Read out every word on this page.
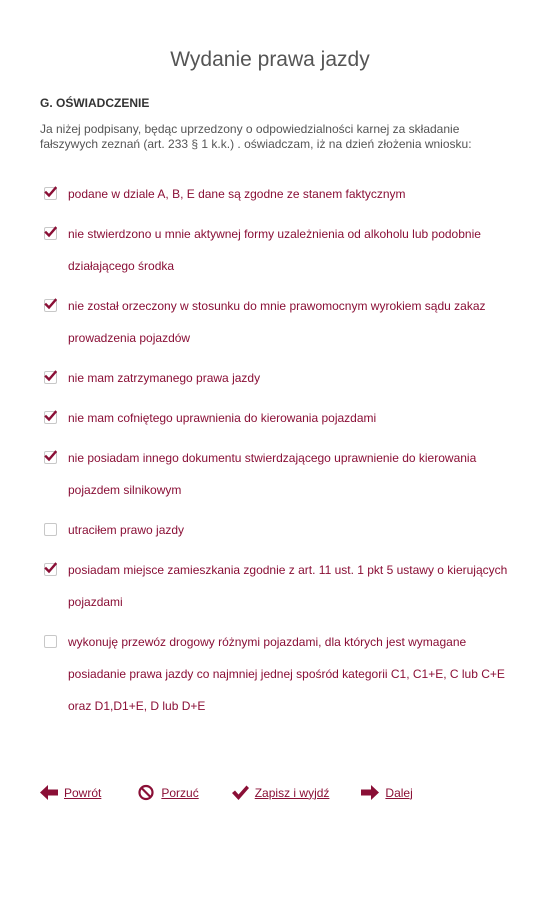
Wydanie prawa jazdy
G. OŚWIADCZENIE

Ja niżej podpisany, będąc uprzedzony o odpowiedzialności karnej za składanie fałszywych zeznań (art. 233 § 1 k.k.) . oświadczam, iż na dzień złożenia wniosku:

podane w dziale A, B, E dane są zgodne ze stanem faktycznym
nie stwierdzono u mnie aktywnej formy uzależnienia od alkoholu lub podobnie działającego środka
nie został orzeczony w stosunku do mnie prawomocnym wyrokiem sądu zakaz prowadzenia pojazdów
nie mam zatrzymanego prawa jazdy
nie mam cofniętego uprawnienia do kierowania pojazdami
nie posiadam innego dokumentu stwierdzającego uprawnienie do kierowania pojazdem silnikowym
utraciłem prawo jazdy
posiadam miejsce zamieszkania zgodnie z art. 11 ust. 1 pkt 5 ustawy o kierujących pojazdami
wykonuję przewóz drogowy różnymi pojazdami, dla których jest wymagane posiadanie prawa jazdy co najmniej jednej spośród kategorii C1, C1+E, C lub C+E oraz D1,D1+E, D lub D+E
Powrót	Porzuć	Zapisz i wyjdź	Dalej
